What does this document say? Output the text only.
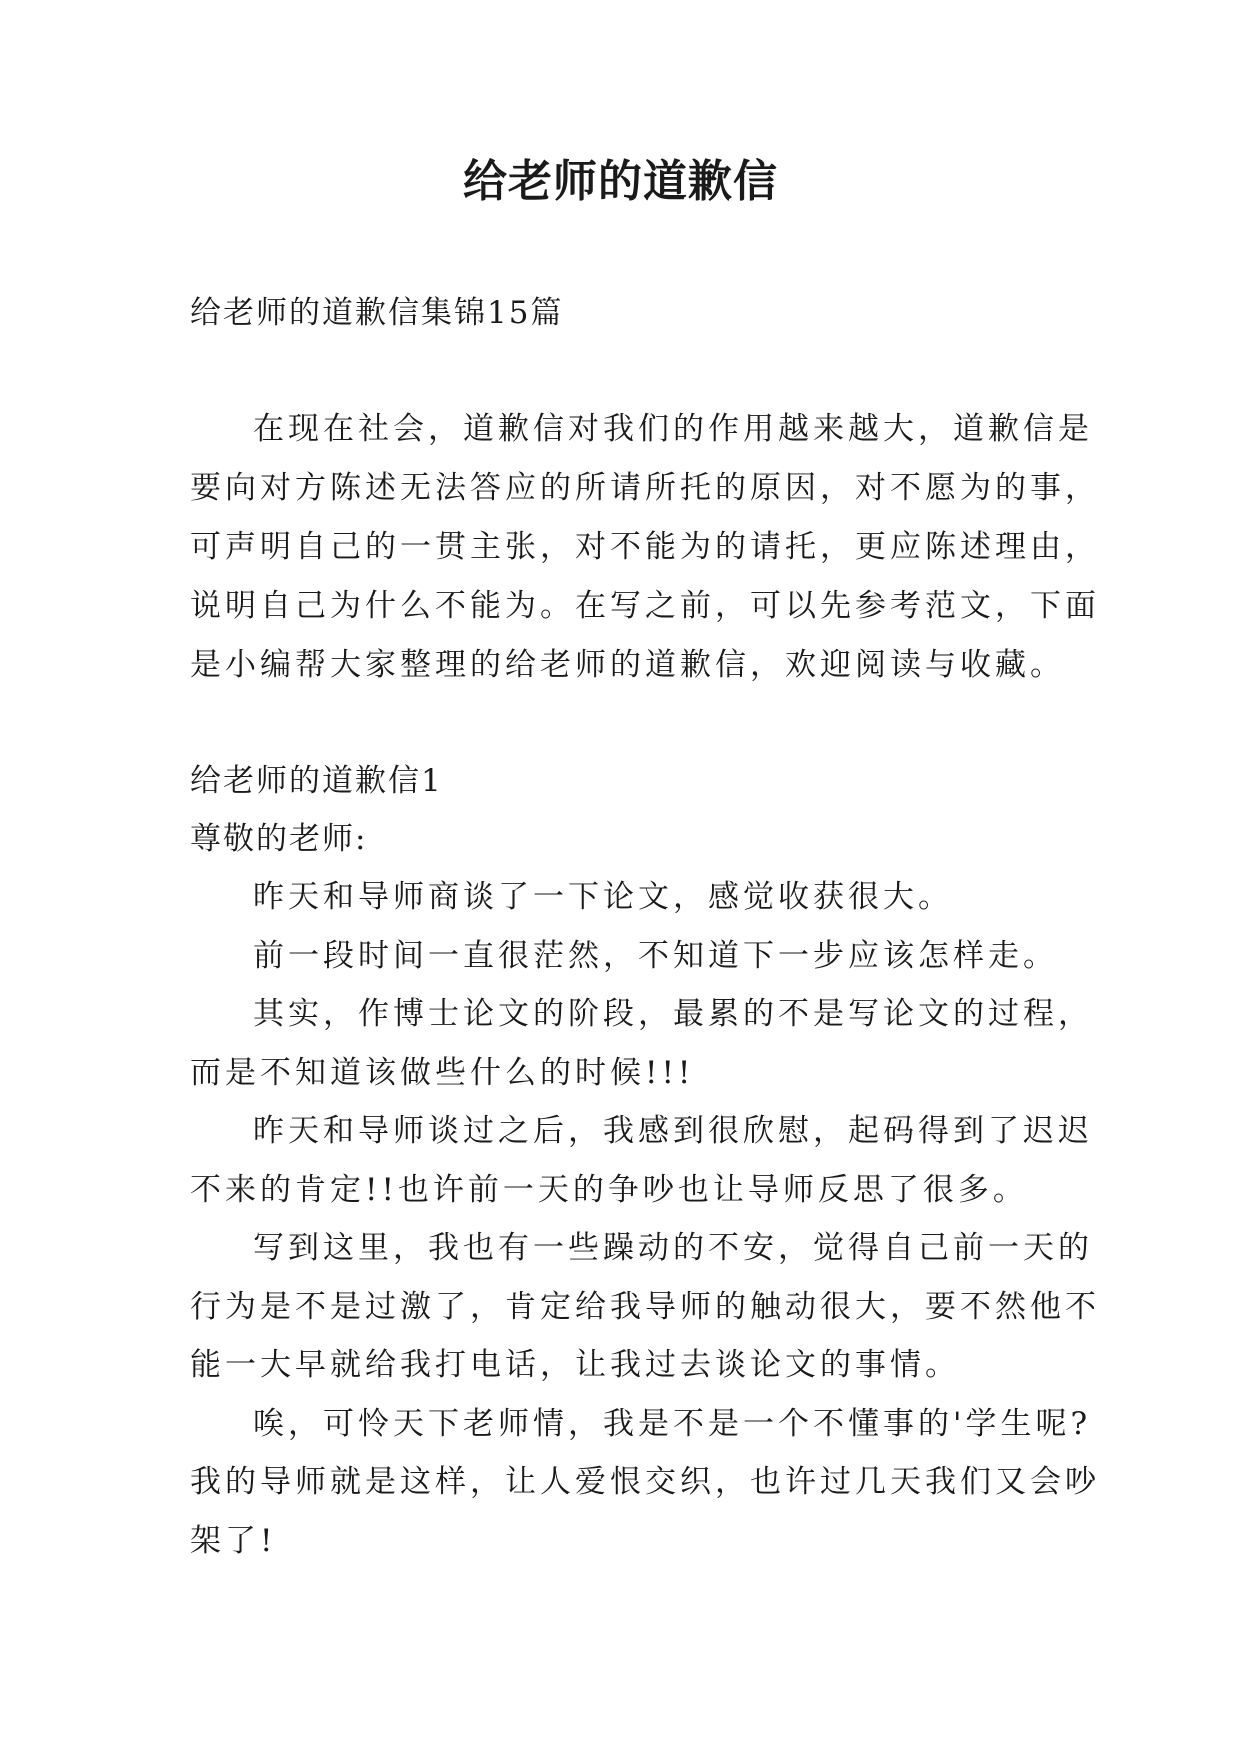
给老师的道歉信
给老师的道歉信集锦15篇
在现在社会，道歉信对我们的作用越来越大，道歉信是
要向对方陈述无法答应的所请所托的原因，对不愿为的事，
可声明自己的一贯主张，对不能为的请托，更应陈述理由，
说明自己为什么不能为。在写之前，可以先参考范文，下面
是小编帮大家整理的给老师的道歉信，欢迎阅读与收藏。
给老师的道歉信1
尊敬的老师:
昨天和导师商谈了一下论文，感觉收获很大。
前一段时间一直很茫然，不知道下一步应该怎样走。
其实，作博士论文的阶段，最累的不是写论文的过程，
而是不知道该做些什么的时候!!!
昨天和导师谈过之后，我感到很欣慰，起码得到了迟迟
不来的肯定!!也许前一天的争吵也让导师反思了很多。
写到这里，我也有一些躁动的不安，觉得自己前一天的
行为是不是过激了，肯定给我导师的触动很大，要不然他不
能一大早就给我打电话，让我过去谈论文的事情。
唉，可怜天下老师情，我是不是一个不懂事的'学生呢?
我的导师就是这样，让人爱恨交织，也许过几天我们又会吵
架了!
